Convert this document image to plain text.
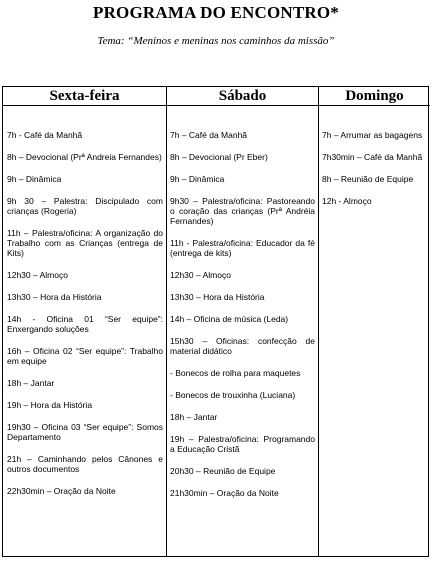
PROGRAMA DO ENCONTRO*
Tema: “Meninos e meninas nos caminhos da missão”
Sexta-feira

7h - Café da Manhã

8h – Devocional (Prª Andreia Fernandes)

9h – Dinâmica

9h 30 – Palestra: Discipulado com crianças (Rogeria)

11h – Palestra/oficina: A organização do Trabalho com as Crianças (entrega de Kits)

12h30 – Almoço

13h30 – Hora da História

14h - Oficina 01 “Ser equipe”: Enxergando soluções

16h – Oficina 02 “Ser equipe”: Trabalho em equipe

18h – Jantar

19h – Hora da História

19h30 – Oficina 03 “Ser equipe”: Somos Departamento

21h – Caminhando pelos Cânones e outros documentos

22h30min – Oração da Noite

Sábado

7h – Café da Manhã

8h – Devocional (Pr Eber)

9h – Dinâmica

9h30 – Palestra/oficina: Pastoreando o coração das crianças (Prª Andréia Fernandes)

11h - Palestra/oficina: Educador da fé (entrega de kits)

12h30 – Almoço

13h30 – Hora da História

14h – Oficina de música (Leda)

15h30 – Oficinas: confecção de material didático

- Bonecos de rolha para maquetes

- Bonecos de trouxinha (Luciana)

18h – Jantar

19h – Palestra/oficina: Programando a Educação Cristã

20h30 – Reunião de Equipe

21h30min – Oração da Noite

Domingo

7h – Arrumar as bagagens

7h30min – Café da Manhã

8h – Reunião de Equipe

12h - Almoço
